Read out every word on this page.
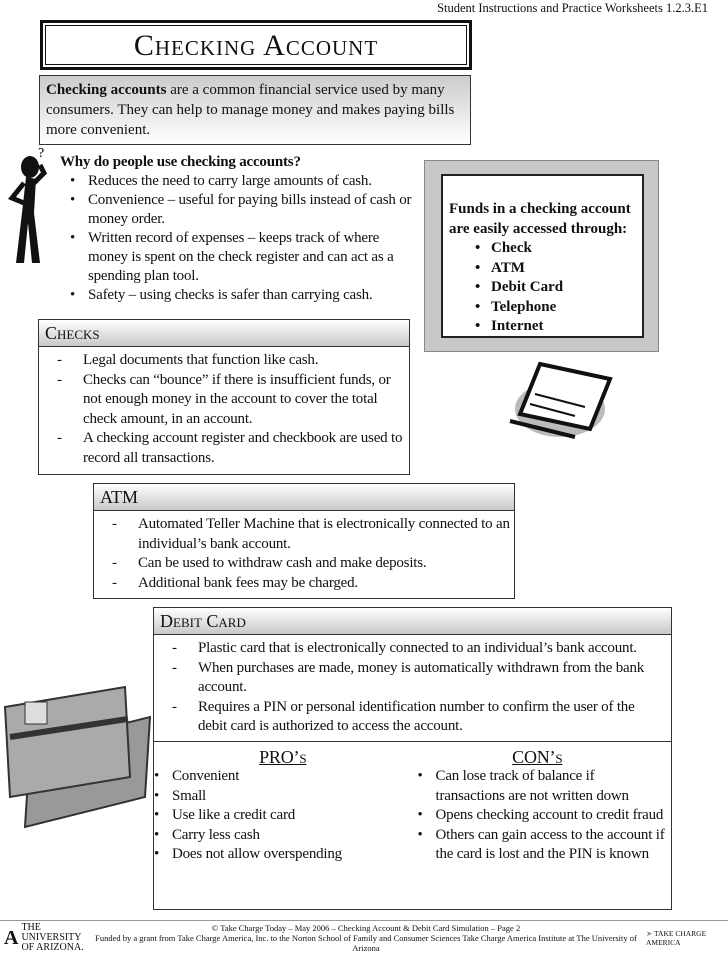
Student Instructions and Practice Worksheets 1.2.3.E1
Checking Account
Checking accounts are a common financial service used by many consumers. They can help to manage money and makes paying bills more convenient.
?
Why do people use checking accounts?
• Reduces the need to carry large amounts of cash.
• Convenience – useful for paying bills instead of cash or money order.
• Written record of expenses – keeps track of where money is spent on the check register and can act as a spending plan tool.
• Safety – using checks is safer than carrying cash.
Funds in a checking account are easily accessed through:
• Check
• ATM
• Debit Card
• Telephone
• Internet
Checks
- Legal documents that function like cash.
- Checks can “bounce” if there is insufficient funds, or not enough money in the account to cover the total check amount, in an account.
- A checking account register and checkbook are used to record all transactions.
ATM
- Automated Teller Machine that is electronically connected to an individual’s bank account.
- Can be used to withdraw cash and make deposits.
- Additional bank fees may be charged.
Debit Card
- Plastic card that is electronically connected to an individual’s bank account.
- When purchases are made, money is automatically withdrawn from the bank account.
- Requires a PIN or personal identification number to confirm the user of the debit card is authorized to access the account.
PRO’s
• Convenient
• Small
• Use like a credit card
• Carry less cash
• Does not allow overspending
CON’s
• Can lose track of balance if transactions are not written down
• Opens checking account to credit fraud
• Others can gain access to the account if the card is lost and the PIN is known
A THE UNIVERSITY OF ARIZONA.
© Take Charge Today – May 2006 – Checking Account & Debit Card Simulation – Page 2
Funded by a grant from Take Charge America, Inc. to the Norton School of Family and Consumer Sciences Take Charge America Institute at The University of Arizona
➤ TAKE CHARGE AMERICA
